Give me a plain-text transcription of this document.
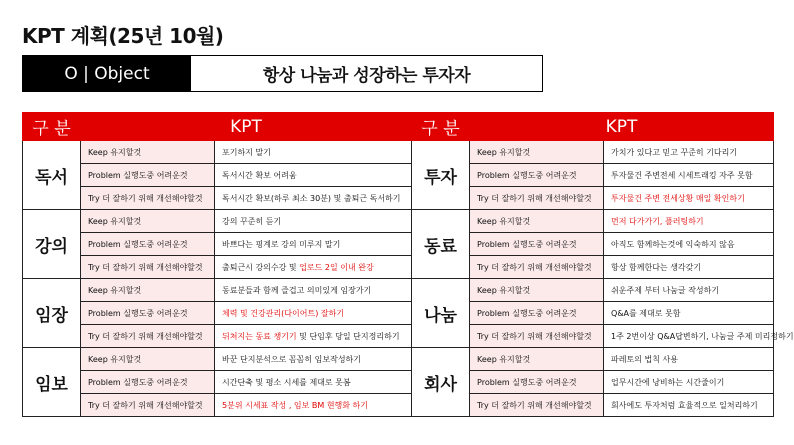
KPT 계획(25년 10월)
O | Object	항상 나눔과 성장하는 투자자
구 분	KPT		구 분	KPT	
독서	Keep 유지할것	포기하지 말기	투자	Keep 유지할것	가치가 있다고 믿고 꾸준히 기다리기
	Problem 실행도중 어려운것	독서시간 확보 어려움		Problem 실행도중 어려운것	투자물건 주변전세 시세트래킹 자주 못함
	Try 더 잘하기 위해 개선해야할것	독서시간 확보(하루 최소 30분) 및 출퇴근 독서하기		Try 더 잘하기 위해 개선해야할것	투자물건 주변 전세상황 매일 확인하기
강의	Keep 유지할것	강의 꾸준히 듣기	동료	Keep 유지할것	먼저 다가가기, 플러팅하기
	Problem 실행도중 어려운것	바쁘다는 핑계로 강의 미루지 말기		Problem 실행도중 어려운것	아직도 함께하는것에 익숙하지 않음
	Try 더 잘하기 위해 개선해야할것	출퇴근시 강의수강 및 업로드 2일 이내 완강		Try 더 잘하기 위해 개선해야할것	항상 함께한다는 생각갖기
임장	Keep 유지할것	동료분들과 함께 즐겁고 의미있게 임장가기	나눔	Keep 유지할것	쉬운주제 부터 나눔글 작성하기
	Problem 실행도중 어려운것	체력 및 건강관리(다이어트) 잘하기		Problem 실행도중 어려운것	Q&A를 제대로 못함
	Try 더 잘하기 위해 개선해야할것	뒤쳐지는 동료 챙기기 및 단임후 당일 단지정리하기		Try 더 잘하기 위해 개선해야할것	1주 2번이상 Q&A답변하기, 나눔글 주제 미리정하기
임보	Keep 유지할것	바꾼 단지분석으로 꼼꼼히 임보작성하기	회사	Keep 유지할것	파레토의 법칙 사용
	Problem 실행도중 어려운것	시간단축 및 평소 시세를 제대로 못봄		Problem 실행도중 어려운것	업무시간에 낭비하는 시간줄이기
	Try 더 잘하기 위해 개선해야할것	5분위 시세표 작성 , 임보 BM 현행화 하기		Try 더 잘하기 위해 개선해야할것	회사에도 투자처럼 효율적으로 일처리하기
